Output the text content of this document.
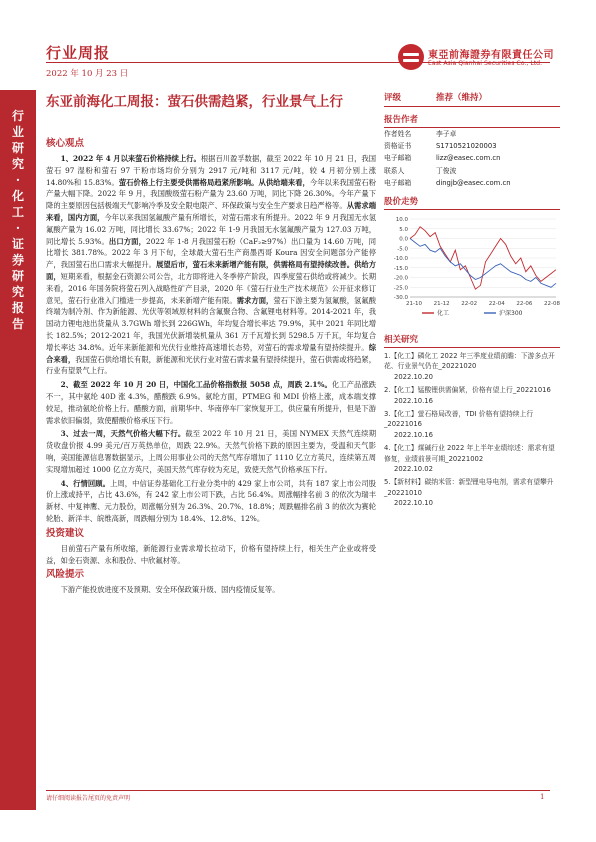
行业周报
2022 年 10 月 23 日
東亞前海證券有限責任公司
East Asia Qianhai Securities Co., Ltd.
行业研究·化工·证券研究报告
东亚前海化工周报：萤石供需趋紧，行业景气上行
核心观点

1、2022 年 4 月以来萤石价格持续上行。根据百川盈孚数据，截至 2022 年 10 月 21 日，我国萤石 97 湿粉和萤石 97 干粉市场均价分别为 2917 元/吨和 3117 元/吨，较 4 月初分别上涨 14.80%和 15.83%。萤石价格上行主要受供需格局趋紧所影响。从供给端来看，今年以来我国萤石粉产量大幅下降。2022 年 9 月，我国酸级萤石粉产量为 23.60 万吨，同比下降 26.30%。今年产量下降的主要原因包括极端天气影响冷季及安全限电限产、环保政策与安全生产要求日趋严格等。从需求端来看，国内方面，今年以来我国氢氟酸产量有所增长，对萤石需求有所提升。2022 年 9 月我国无水氢氟酸产量为 16.02 万吨，同比增长 33.67%；2022 年 1-9 月我国无水氢氟酸产量为 127.03 万吨，同比增长 5.93%。出口方面，2022 年 1-8 月我国萤石粉（CaF₂≥97%）出口量为 14.60 万吨，同比增长 381.78%。2022 年 3 月下旬，全球最大萤石生产商墨西哥 Koura 因安全问题部分产能停产，我国萤石出口需求大幅提升。展望后市，萤石未来新增产能有限，供需格局有望持续改善。供给方面，短期来看，根据金石资源公司公告，北方即将进入冬季停产阶段，四季度萤石供给或将减少。长期来看，2016 年国务院将萤石列入战略性矿产目录，2020 年《萤石行业生产技术规范》公开征求修订意见，萤石行业准入门槛进一步提高，未来新增产能有限。需求方面，萤石下游主要为氢氟酸，氢氟酸终端为制冷剂、作为新能源、光伏等领域原材料的含氟聚合物、含氟锂电材料等。2014-2021 年，我国动力锂电池出货量从 3.7GWh 增长到 226GWh，年均复合增长率达 79.9%，其中 2021 年同比增长 182.5%；2012-2021 年，我国光伏新增装机量从 361 万千瓦增长到 5298.5 万千瓦，年均复合增长率达 34.8%。近年来新能源和光伏行业维持高速增长态势，对萤石的需求增量有望持续提升。综合来看，我国萤石供给增长有限，新能源和光伏行业对萤石需求量有望持续提升，萤石供需或将趋紧，行业有望景气上行。

2、截至 2022 年 10 月 20 日，中国化工品价格指数报 5058 点，周跌 2.1%。化工产品涨跌不一，其中氨纶 40D 涨 4.3%，醋酸跌 6.9%。氨纶方面，PTMEG 和 MDI 价格上涨，成本端支撑较足，推动氨纶价格上行。醋酸方面，前期华中、华南停车厂家恢复开工，供应量有所提升，但是下游需求依旧偏弱，致使醋酸价格承压下行。

3、过去一周，天然气价格大幅下行。截至 2022 年 10 月 21 日，美国 NYMEX 天然气连续期货收盘价报 4.99 美元/百万英热单位，周跌 22.9%。天然气价格下跌的原因主要为，受温和天气影响，美国能源信息署数据显示，上周公用事业公司的天然气库存增加了 1110 亿立方英尺，连续第五周实现增加超过 1000 亿立方英尺，美国天然气库存较为充足，致使天然气价格承压下行。

4、行情回顾。上周，中信证券基础化工行业分类中的 429 家上市公司，共有 187 家上市公司股价上涨或持平，占比 43.6%，有 242 家上市公司下跌，占比 56.4%。周涨幅排名前 3 的依次为瑞丰新材、中复神鹰、元力股份，周涨幅分别为 26.3%、20.7%、18.8%；周跌幅排名前 3 的依次为赛轮轮胎、新洋丰、皖维高新，周跌幅分别为 18.4%、12.8%、12%。

投资建议

目前萤石产量有所收缩，新能源行业需求增长拉动下，价格有望持续上行，相关生产企业或将受益，如金石资源、永和股份、中欣氟材等。

风险提示

下游产能投放进度不及预期、安全环保政策升级、国内疫情反复等。

评级	推荐（维持）
报告作者
作者姓名	李子卓
资格证书	S1710521020003
电子邮箱	lizz@easec.com.cn
联系人	丁俊波
电子邮箱	dingjb@easec.com.cn
股价走势
10.0
5.0
0.0
-5.0
-10.0
-15.0
-20.0
-25.0
-30.0
21-10 21-12 22-02 22-04 22-06 22-08
化工	沪深300
相关研究
1.【化工】磷化工 2022 年三季度业绩前瞻：下游多点开花、行业景气仍在_20221020
2022.10.20
2.【化工】锰酸锂供需偏紧，价格有望上行_20221016
2022.10.16
3.【化工】萤石格局改善，TDI 价格有望持续上行_20221016
2022.10.16
4.【化工】煤碱行业 2022 年上半年业绩综述：需求有望修复，业绩前景可期_20221002
2022.10.02
5.【新材料】碳纳米管：新型锂电导电剂，需求有望攀升_20221010
2022.10.10
请仔细阅读报告尾页的免责声明	1
